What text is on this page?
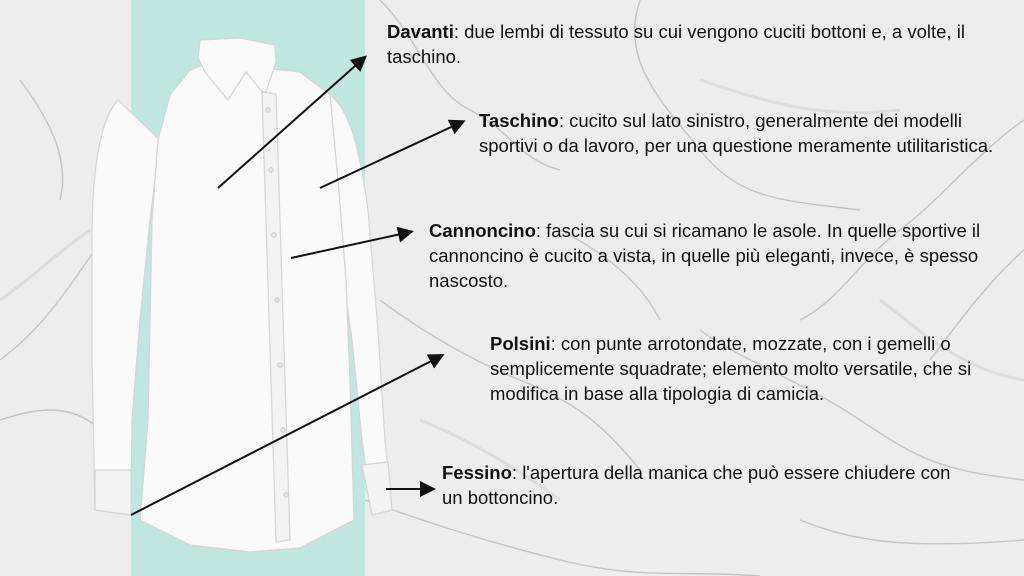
Davanti: due lembi di tessuto su cui vengono cuciti bottoni e, a volte, il taschino.

Taschino: cucito sul lato sinistro, generalmente dei modelli sportivi o da lavoro, per una questione meramente utilitaristica.

Cannoncino: fascia su cui si ricamano le asole. In quelle sportive il cannoncino è cucito a vista, in quelle più eleganti, invece, è spesso nascosto.

Polsini: con punte arrotondate, mozzate, con i gemelli o semplicemente squadrate; elemento molto versatile, che si modifica in base alla tipologia di camicia.

Fessino: l'apertura della manica che può essere chiudere con un bottoncino.
